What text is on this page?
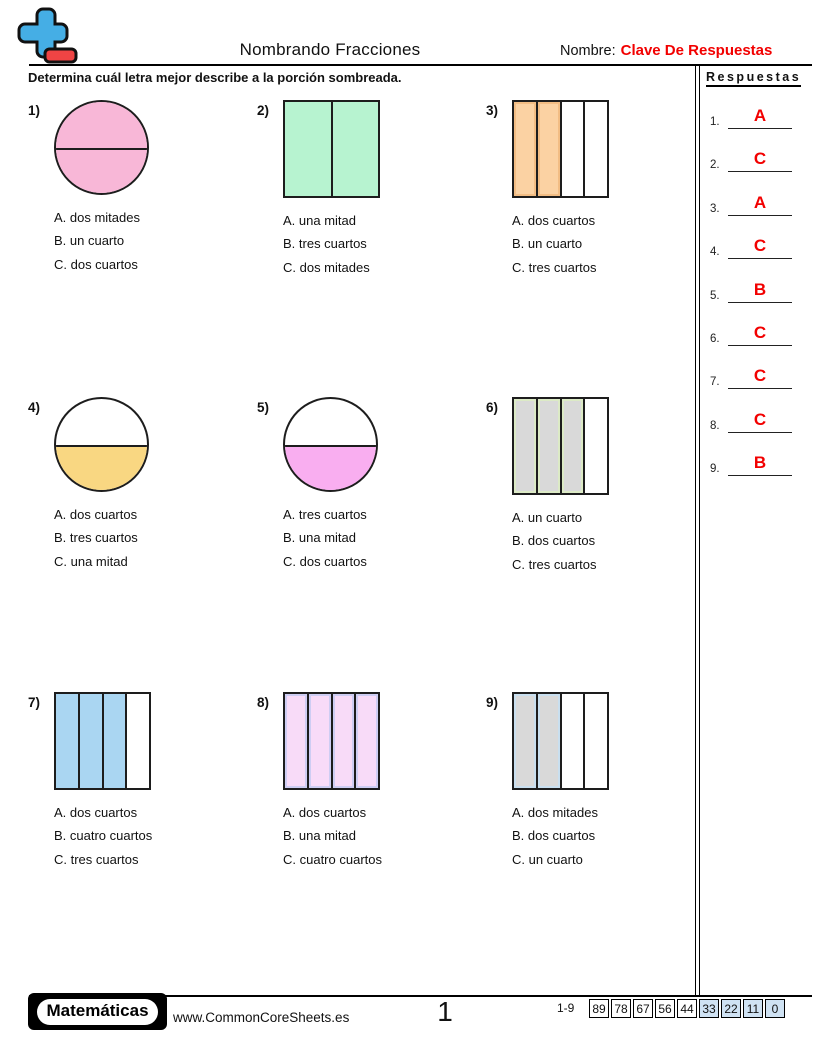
Nombrando Fracciones	Nombre: Clave De Respuestas
Determina cuál letra mejor describe a la porción sombreada.	Respuestas
1.	A
2.	C
3.	A
4.	C
5.	B
6.	C
7.	C
8.	C
9.	B
1)
A. dos mitades
B. un cuarto
C. dos cuartos
2)
A. una mitad
B. tres cuartos
C. dos mitades
3)
A. dos cuartos
B. un cuarto
C. tres cuartos
4)
A. dos cuartos
B. tres cuartos
C. una mitad
5)
A. tres cuartos
B. una mitad
C. dos cuartos
6)
A. un cuarto
B. dos cuartos
C. tres cuartos
7)
A. dos cuartos
B. cuatro cuartos
C. tres cuartos
8)
A. dos cuartos
B. una mitad
C. cuatro cuartos
9)
A. dos mitades
B. dos cuartos
C. un cuarto
Matemáticas	www.CommonCoreSheets.es	1	1-9 89 78 67 56 44 33 22 11	0
